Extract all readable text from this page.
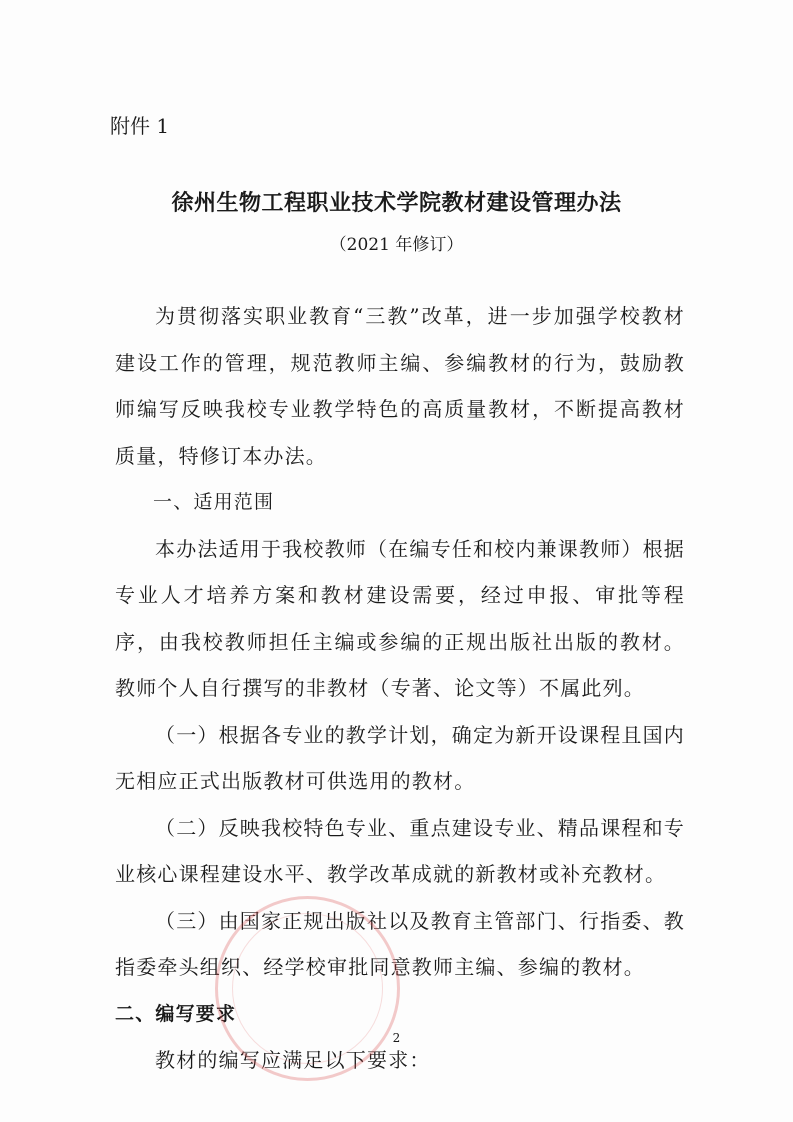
附件 1
徐州生物工程职业技术学院教材建设管理办法
（2021 年修订）

为贯彻落实职业教育“三教”改革，进一步加强学校教材建设工作的管理，规范教师主编、参编教材的行为，鼓励教师编写反映我校专业教学特色的高质量教材，不断提高教材质量，特修订本办法。

一、适用范围

本办法适用于我校教师（在编专任和校内兼课教师）根据专业人才培养方案和教材建设需要，经过申报、审批等程序，由我校教师担任主编或参编的正规出版社出版的教材。教师个人自行撰写的非教材（专著、论文等）不属此列。

（一）根据各专业的教学计划，确定为新开设课程且国内无相应正式出版教材可供选用的教材。

（二）反映我校特色专业、重点建设专业、精品课程和专业核心课程建设水平、教学改革成就的新教材或补充教材。

（三）由国家正规出版社以及教育主管部门、行指委、教指委牵头组织、经学校审批同意教师主编、参编的教材。

二、编写要求

教材的编写应满足以下要求：

2
